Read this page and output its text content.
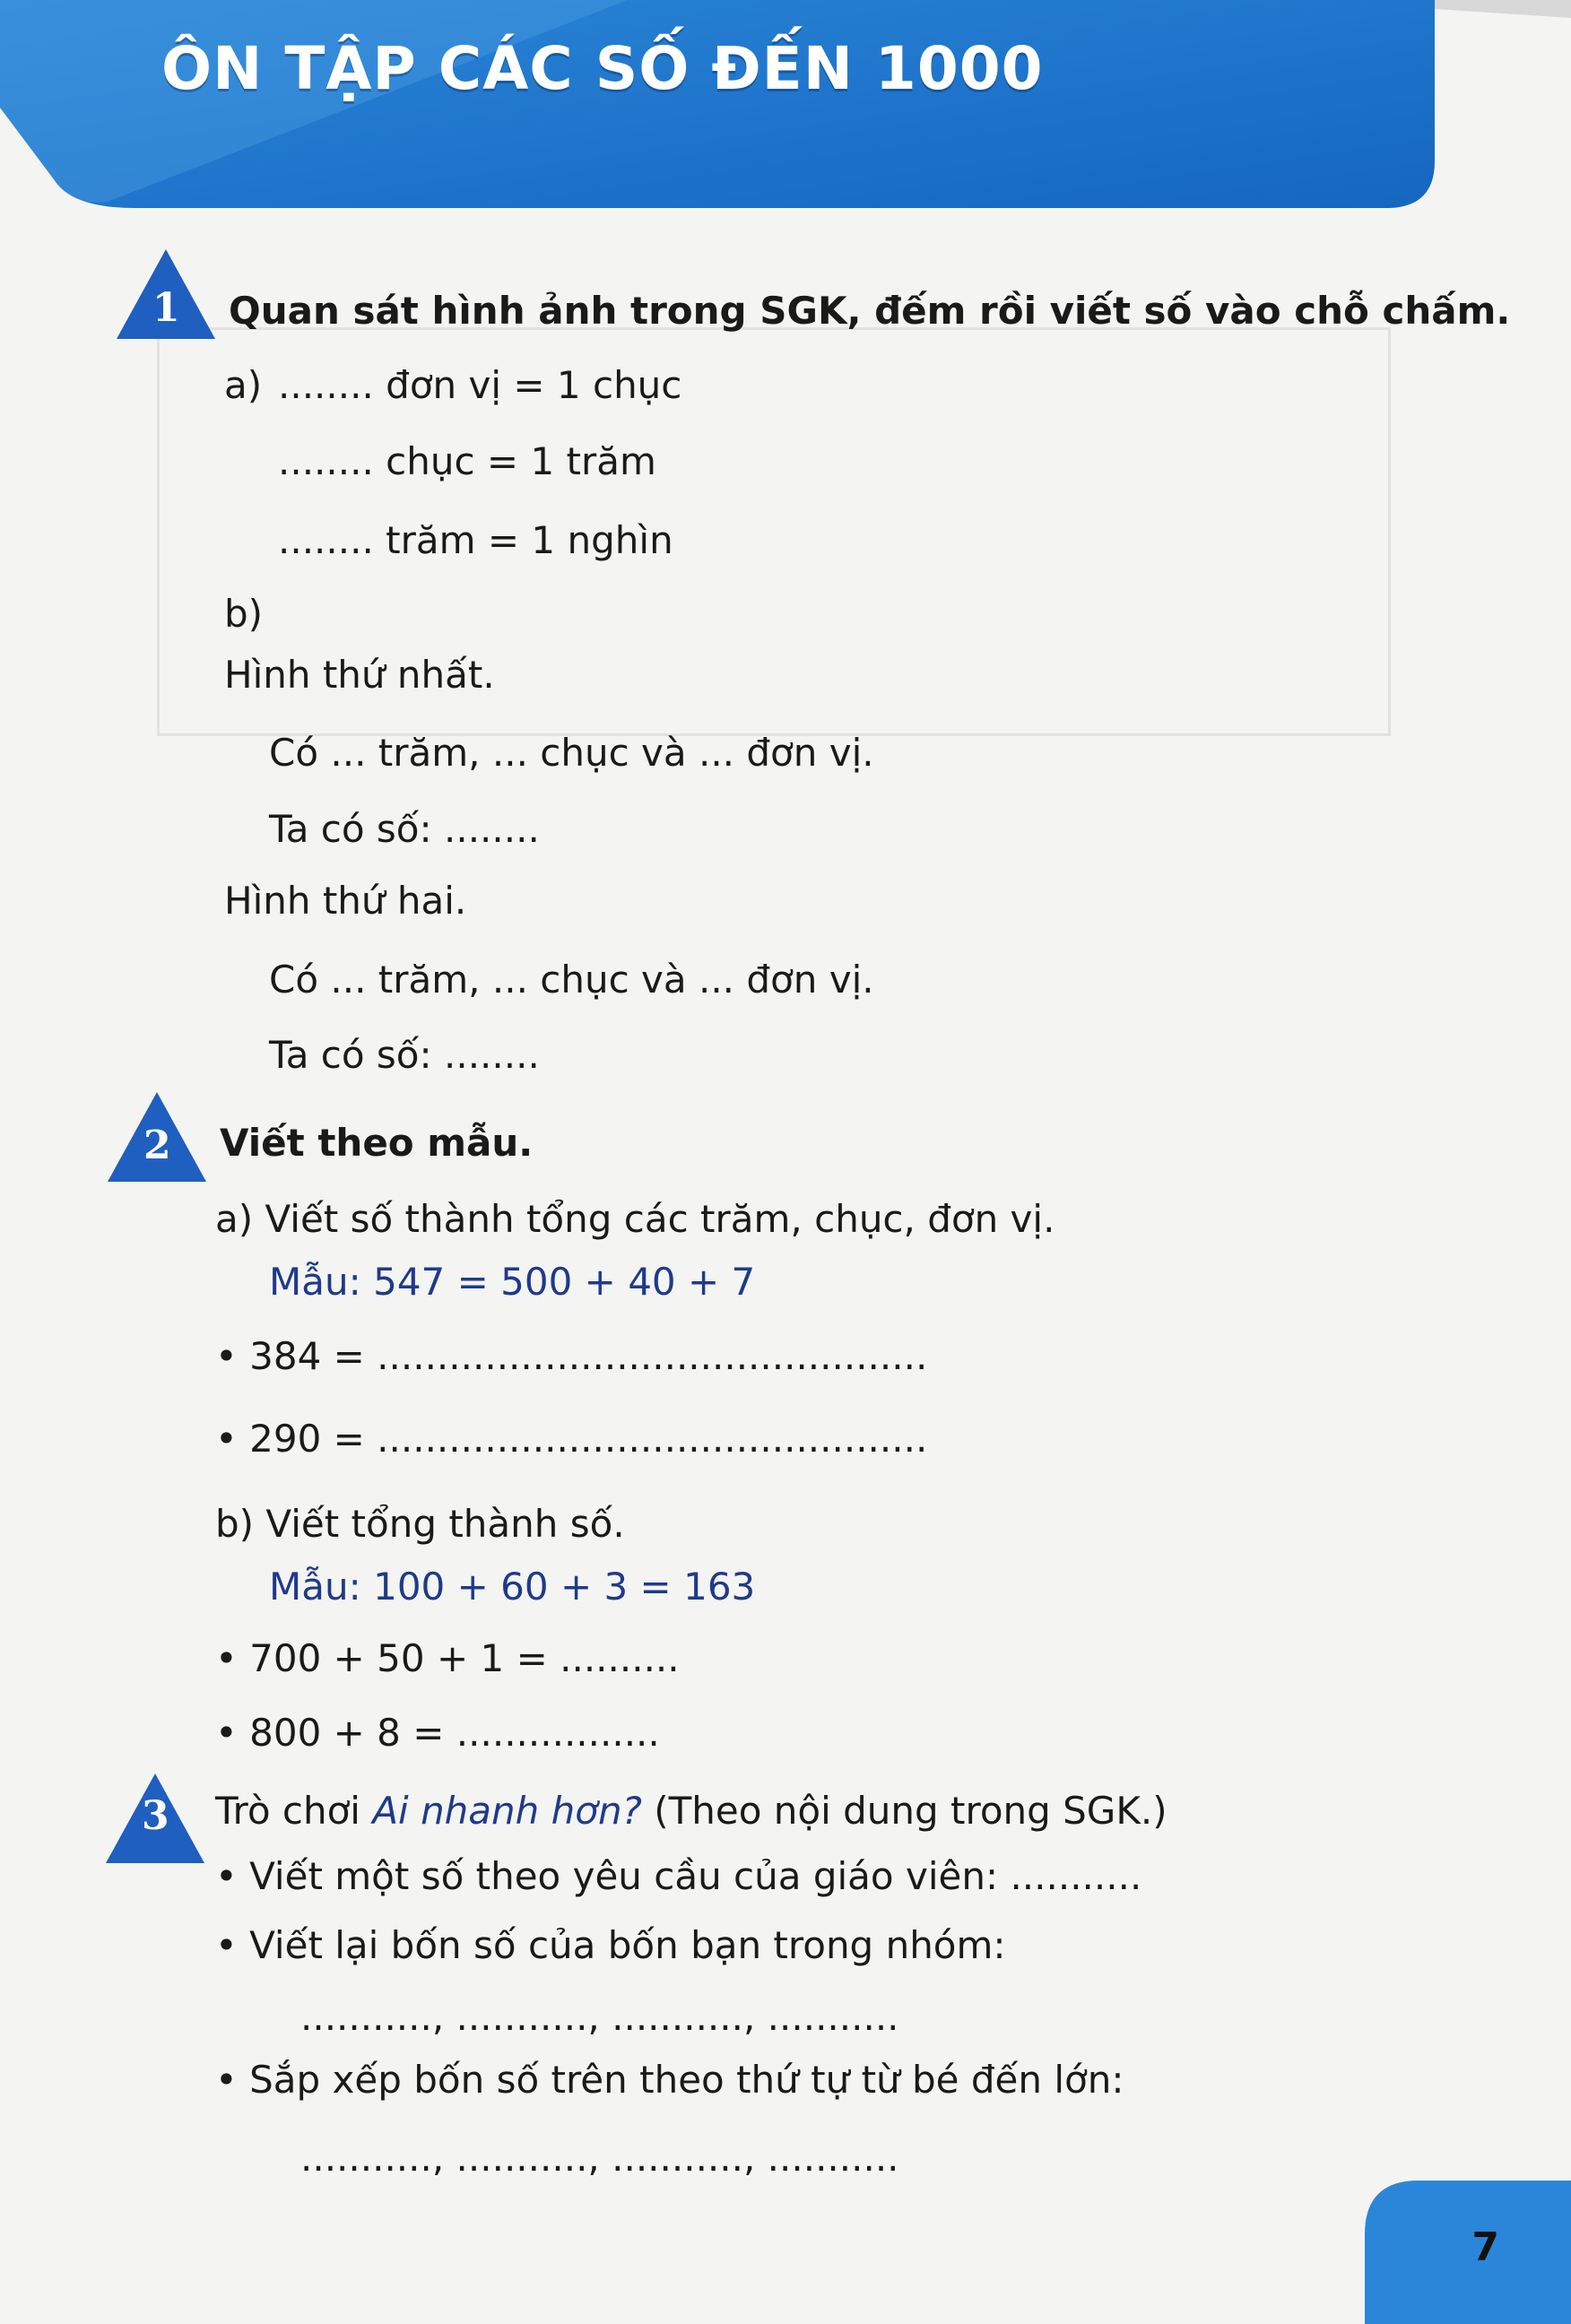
ÔN TẬP CÁC SỐ ĐẾN 1000
1 Quan sát hình ảnh trong SGK, đếm rồi viết số vào chỗ chấm.
a) ........ đơn vị = 1 chục
........ chục = 1 trăm
........ trăm = 1 nghìn
b)
Hình thứ nhất.
Có ... trăm, ... chục và ... đơn vị.
Ta có số: ........
Hình thứ hai.
Có ... trăm, ... chục và ... đơn vị.
Ta có số: ........
2 Viết theo mẫu.
a) Viết số thành tổng các trăm, chục, đơn vị.
Mẫu: 547 = 500 + 40 + 7
• 384 = ..............................................
• 290 = ..............................................
b) Viết tổng thành số.
Mẫu: 100 + 60 + 3 = 163
• 700 + 50 + 1 = ..........
• 800 + 8 = .................
3 Trò chơi Ai nhanh hơn? (Theo nội dung trong SGK.)
• Viết một số theo yêu cầu của giáo viên: ...........
• Viết lại bốn số của bốn bạn trong nhóm:
..........., ..........., ..........., ...........
• Sắp xếp bốn số trên theo thứ tự từ bé đến lớn:
..........., ..........., ..........., ...........
7
